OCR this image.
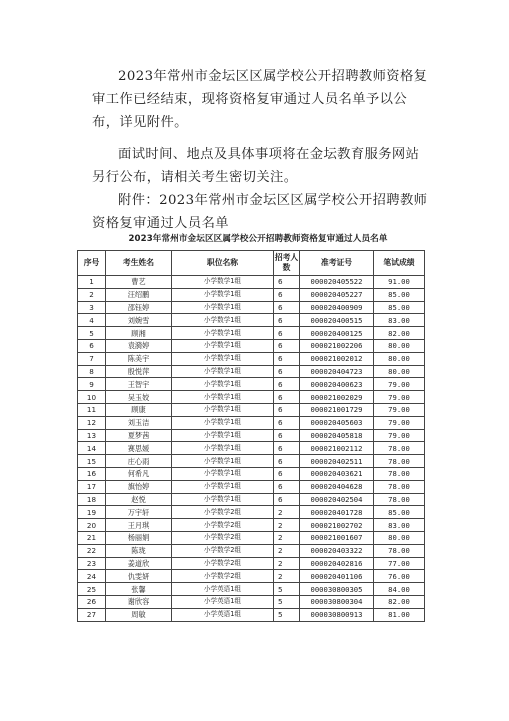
2023年常州市金坛区区属学校公开招聘教师资格复审工作已经结束，现将资格复审通过人员名单予以公布，详见附件。

面试时间、地点及具体事项将在金坛教育服务网站另行公布，请相关考生密切关注。

附件：2023年常州市金坛区区属学校公开招聘教师资格复审通过人员名单

2023年常州市金坛区区属学校公开招聘教师资格复审通过人员名单
序号	考生姓名	职位名称	招考人数	准考证号	笔试成绩
1	曹艺	小学数学1组	6	000020405522	91.00
2	汪绍鹏	小学数学1组	6	000020405227	85.00
3	邵钰婷	小学数学1组	6	000020400909	85.00
4	刘婉雪	小学数学1组	6	000020400515	83.00
5	顾湘	小学数学1组	6	000020400125	82.00
6	袁漪婷	小学数学1组	6	000021002206	80.00
7	陈美宇	小学数学1组	6	000021002012	80.00
8	殷悦萍	小学数学1组	6	000020404723	80.00
9	王智宇	小学数学1组	6	000020400623	79.00
10	吴玉姣	小学数学1组	6	000021002029	79.00
11	顾康	小学数学1组	6	000021001729	79.00
12	刘玉洁	小学数学1组	6	000020405603	79.00
13	夏梦茜	小学数学1组	6	000020405818	79.00
14	赛思媛	小学数学1组	6	000021002112	78.00
15	庄心雨	小学数学1组	6	000020402511	78.00
16	何希凡	小学数学1组	6	000020403621	78.00
17	旗怡婷	小学数学1组	6	000020404628	78.00
18	赵悦	小学数学1组	6	000020402504	78.00
19	万宇轩	小学数学2组	2	000020401728	85.00
20	王月琪	小学数学2组	2	000021002702	83.00
21	杨丽娟	小学数学2组	2	000021001607	80.00
22	陈珑	小学数学2组	2	000020403322	78.00
23	姜道欣	小学数学2组	2	000020402816	77.00
24	仇雯妍	小学数学2组	2	000020401106	76.00
25	张馨	小学英语1组	5	000030800305	84.00
26	谢欣容	小学英语1组	5	000030800304	82.00
27	周敏	小学英语1组	5	000030800913	81.00
